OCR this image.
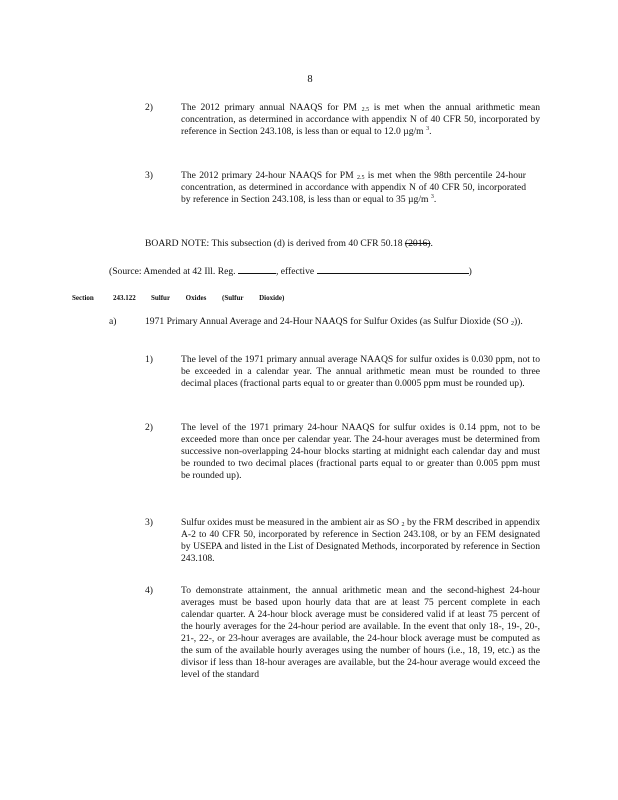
8
2)	The 2012 primary annual NAAQS for PM $_{2.5}$ is met when the annual arithmetic mean concentration, as determined in accordance with appendix N of 40 CFR 50, incorporated by reference in Section 243.108, is less than or equal to 12.0 µg/m $^3$.
3)	The 2012 primary 24-hour NAAQS for PM $_{2.5}$ is met when the 98th percentile 24-hour concentration, as determined in accordance with appendix N of 40 CFR 50, incorporated by reference in Section 243.108, is less than or equal to 35 µg/m $^3$.
BOARD NOTE: This subsection (d) is derived from 40 CFR 50.18 (2016).
(Source: Amended at 42 Ill. Reg.	, effective	)
Section	243.122 Sulfur Oxides (Sulfur Dioxide)
a)	1971 Primary Annual Average and 24-Hour NAAQS for Sulfur Oxides (as Sulfur Dioxide (SO $_2$)).
1)	The level of the 1971 primary annual average NAAQS for sulfur oxides is 0.030 ppm, not to be exceeded in a calendar year. The annual arithmetic mean must be rounded to three decimal places (fractional parts equal to or greater than 0.0005 ppm must be rounded up).
2)	The level of the 1971 primary 24-hour NAAQS for sulfur oxides is 0.14 ppm, not to be exceeded more than once per calendar year. The 24-hour averages must be determined from successive non-overlapping 24-hour blocks starting at midnight each calendar day and must be rounded to two decimal places (fractional parts equal to or greater than 0.005 ppm must be rounded up).
3)	Sulfur oxides must be measured in the ambient air as SO $_2$ by the FRM described in appendix A-2 to 40 CFR 50, incorporated by reference in Section 243.108, or by an FEM designated by USEPA and listed in the List of Designated Methods, incorporated by reference in Section 243.108.
4)	To demonstrate attainment, the annual arithmetic mean and the second-highest 24-hour averages must be based upon hourly data that are at least 75 percent complete in each calendar quarter. A 24-hour block average must be considered valid if at least 75 percent of the hourly averages for the 24-hour period are available. In the event that only 18-, 19-, 20-, 21-, 22-, or 23-hour averages are available, the 24-hour block average must be computed as the sum of the available hourly averages using the number of hours (i.e., 18, 19, etc.) as the divisor if less than 18-hour averages are available, but the 24-hour average would exceed the level of the standard
